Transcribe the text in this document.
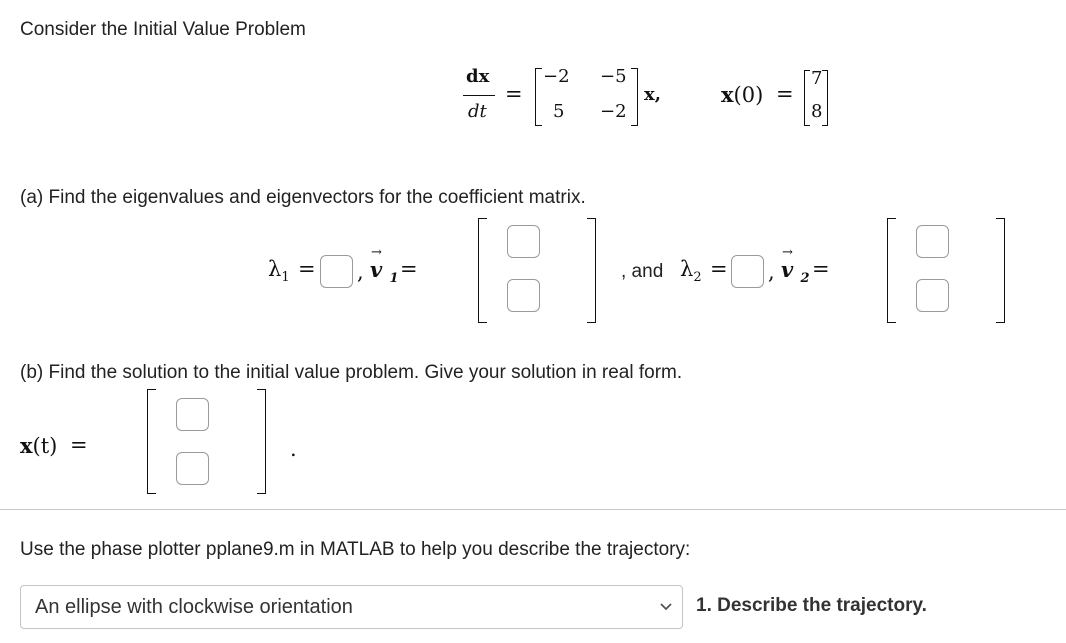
Consider the Initial Value Problem
dx
dt
=
−2 −5
5 −2
x,	x(0) =
7
8
(a) Find the eigenvalues and eigenvectors for the coefficient matrix.
$\lambda_1$ = , v
→
$_1$ =	, and $\lambda_2$ = , v
→
$_2$ =
(b) Find the solution to the initial value problem. Give your solution in real form.
x(t) =	.
Use the phase plotter pplane9.m in MATLAB to help you describe the trajectory:
An ellipse with clockwise orientation	1. Describe the trajectory.
